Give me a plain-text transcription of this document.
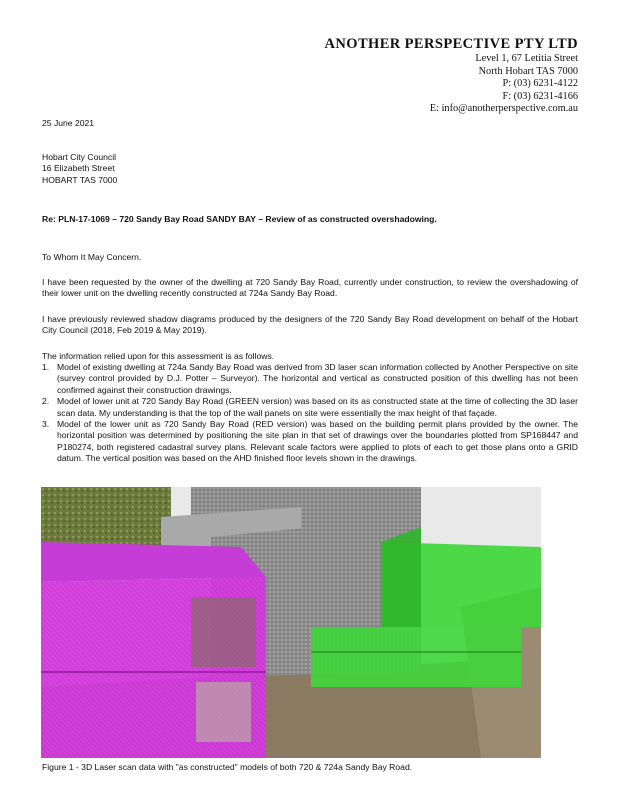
ANOTHER PERSPECTIVE PTY LTD
Level 1, 67 Letitia Street
North Hobart TAS 7000
P: (03) 6231-4122
F: (03) 6231-4166
E: info@anotherperspective.com.au
25 June 2021
Hobart City Council
16 Elizabeth Street
HOBART TAS 7000
Re: PLN-17-1069 – 720 Sandy Bay Road SANDY BAY – Review of as constructed overshadowing.
To Whom It May Concern.
I have been requested by the owner of the dwelling at 720 Sandy Bay Road, currently under construction, to review the overshadowing of their lower unit on the dwelling recently constructed at 724a Sandy Bay Road.
I have previously reviewed shadow diagrams produced by the designers of the 720 Sandy Bay Road development on behalf of the Hobart City Council (2018, Feb 2019 & May 2019).
The information relied upon for this assessment is as follows.
1. Model of existing dwelling at 724a Sandy Bay Road was derived from 3D laser scan information collected by Another Perspective on site (survey control provided by D.J. Potter – Surveyor). The horizontal and vertical as constructed position of this dwelling has not been confirmed against their construction drawings.
2. Model of lower unit at 720 Sandy Bay Road (GREEN version) was based on its as constructed state at the time of collecting the 3D laser scan data. My understanding is that the top of the wall panels on site were essentially the max height of that façade.
3. Model of the lower unit as 720 Sandy Bay Road (RED version) was based on the building permit plans provided by the owner. The horizontal position was determined by positioning the site plan in that set of drawings over the boundaries plotted from SP168447 and P180274, both registered cadastral survey plans. Relevant scale factors were applied to plots of each to get those plans onto a GRID datum. The vertical position was based on the AHD finished floor levels shown in the drawings.
Figure 1 - 3D Laser scan data with "as constructed" models of both 720 & 724a Sandy Bay Road.
